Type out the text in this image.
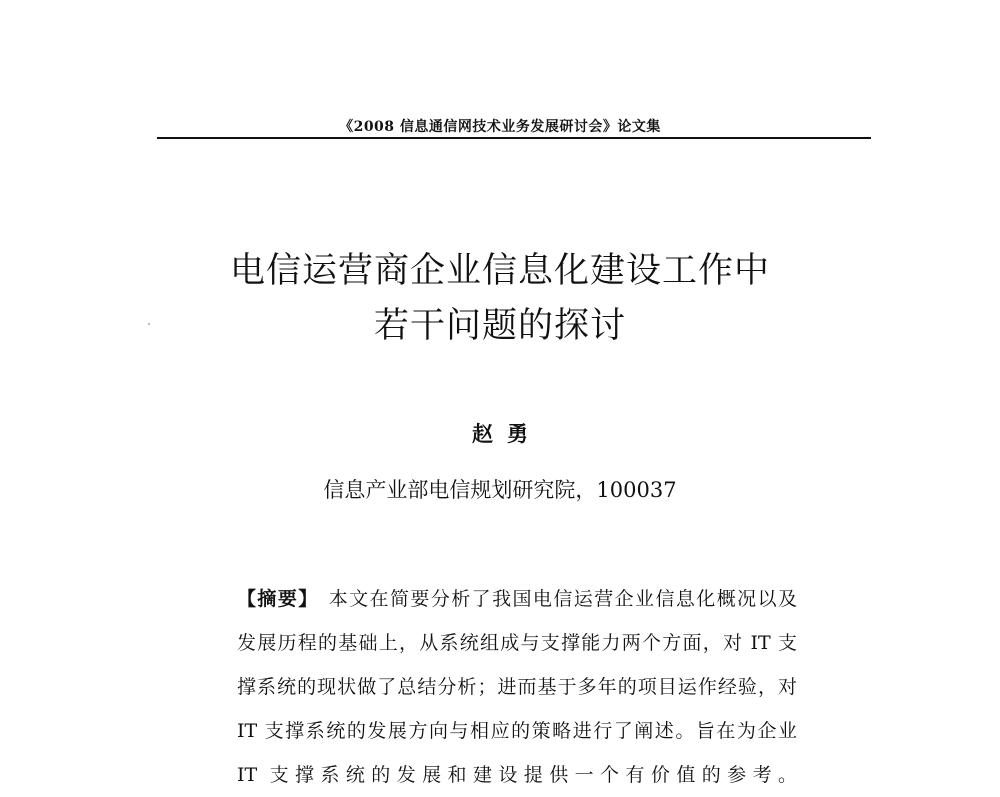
《2008 信息通信网技术业务发展研讨会》论文集
电信运营商企业信息化建设工作中
若干问题的探讨
赵勇
信息产业部电信规划研究院，100037
【摘要】 本文在简要分析了我国电信运营企业信息化概况以及
发展历程的基础上，从系统组成与支撑能力两个方面，对 IT 支
撑系统的现状做了总结分析；进而基于多年的项目运作经验，对
IT 支撑系统的发展方向与相应的策略进行了阐述。旨在为企业
IT 支撑系统的发展和建设提供一个有价值的参考。
